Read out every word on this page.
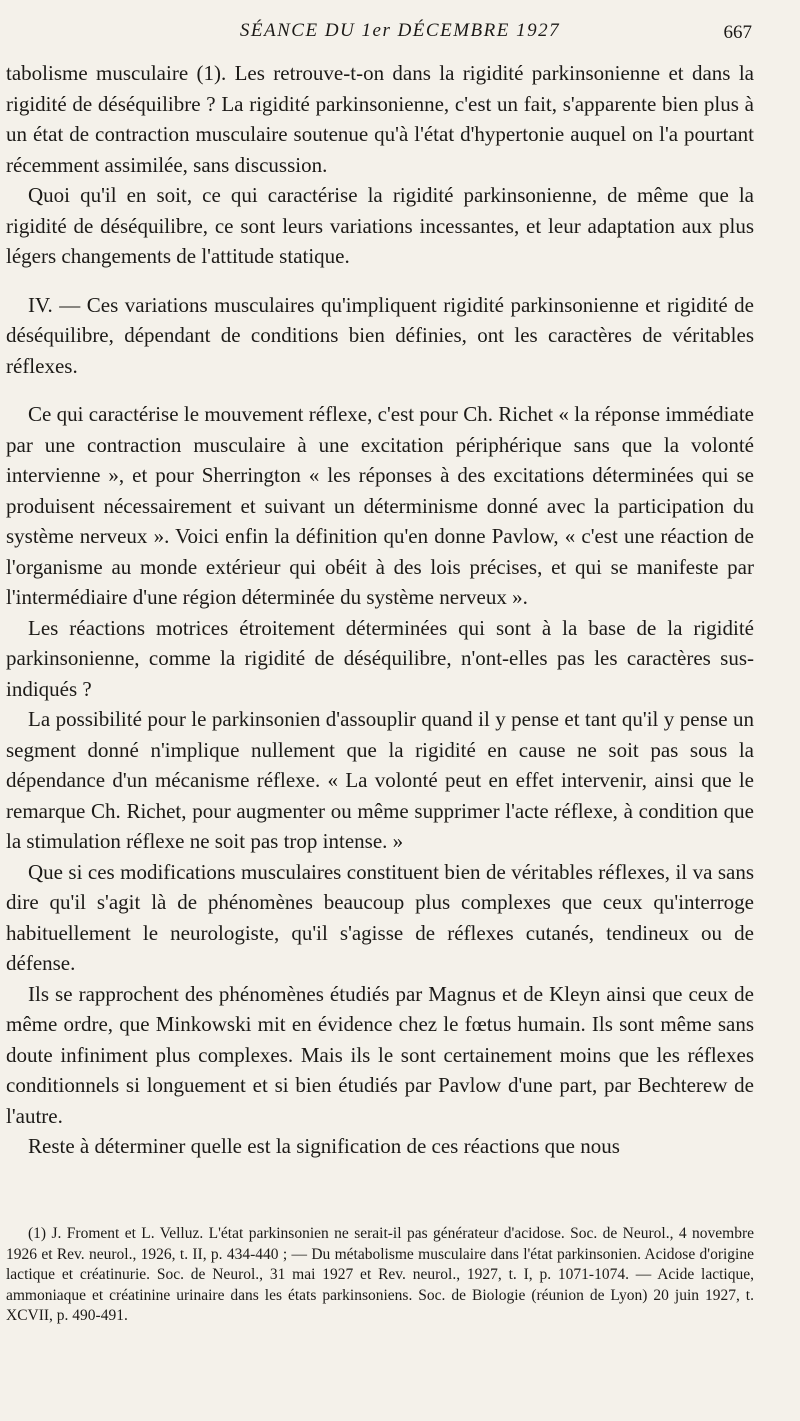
SÉANCE DU 1er DÉCEMBRE 1927	667

tabolisme musculaire (1). Les retrouve-t-on dans la rigidité parkinsonienne et dans la rigidité de déséquilibre ? La rigidité parkinsonienne, c'est un fait, s'apparente bien plus à un état de contraction musculaire soutenue qu'à l'état d'hypertonie auquel on l'a pourtant récemment assimilée, sans discussion.

Quoi qu'il en soit, ce qui caractérise la rigidité parkinsonienne, de même que la rigidité de déséquilibre, ce sont leurs variations incessantes, et leur adaptation aux plus légers changements de l'attitude statique.

IV. — Ces variations musculaires qu'impliquent rigidité parkinsonienne et rigidité de déséquilibre, dépendant de conditions bien définies, ont les caractères de véritables réflexes.

Ce qui caractérise le mouvement réflexe, c'est pour Ch. Richet « la réponse immédiate par une contraction musculaire à une excitation périphérique sans que la volonté intervienne », et pour Sherrington « les réponses à des excitations déterminées qui se produisent nécessairement et suivant un déterminisme donné avec la participation du système nerveux ». Voici enfin la définition qu'en donne Pavlow, « c'est une réaction de l'organisme au monde extérieur qui obéit à des lois précises, et qui se manifeste par l'intermédiaire d'une région déterminée du système nerveux ».

Les réactions motrices étroitement déterminées qui sont à la base de la rigidité parkinsonienne, comme la rigidité de déséquilibre, n'ont-elles pas les caractères sus-indiqués ?

La possibilité pour le parkinsonien d'assouplir quand il y pense et tant qu'il y pense un segment donné n'implique nullement que la rigidité en cause ne soit pas sous la dépendance d'un mécanisme réflexe. « La volonté peut en effet intervenir, ainsi que le remarque Ch. Richet, pour augmenter ou même supprimer l'acte réflexe, à condition que la stimulation réflexe ne soit pas trop intense. »

Que si ces modifications musculaires constituent bien de véritables réflexes, il va sans dire qu'il s'agit là de phénomènes beaucoup plus complexes que ceux qu'interroge habituellement le neurologiste, qu'il s'agisse de réflexes cutanés, tendineux ou de défense.

Ils se rapprochent des phénomènes étudiés par Magnus et de Kleyn ainsi que ceux de même ordre, que Minkowski mit en évidence chez le fœtus humain. Ils sont même sans doute infiniment plus complexes. Mais ils le sont certainement moins que les réflexes conditionnels si longuement et si bien étudiés par Pavlow d'une part, par Bechterew de l'autre.

Reste à déterminer quelle est la signification de ces réactions que nous

(1) J. Froment et L. Velluz. L'état parkinsonien ne serait-il pas générateur d'acidose. Soc. de Neurol., 4 novembre 1926 et Rev. neurol., 1926, t. II, p. 434-440 ; — Du métabolisme musculaire dans l'état parkinsonien. Acidose d'origine lactique et créatinurie. Soc. de Neurol., 31 mai 1927 et Rev. neurol., 1927, t. I, p. 1071-1074. — Acide lactique, ammoniaque et créatinine urinaire dans les états parkinsoniens. Soc. de Biologie (réunion de Lyon) 20 juin 1927, t. XCVII, p. 490-491.
